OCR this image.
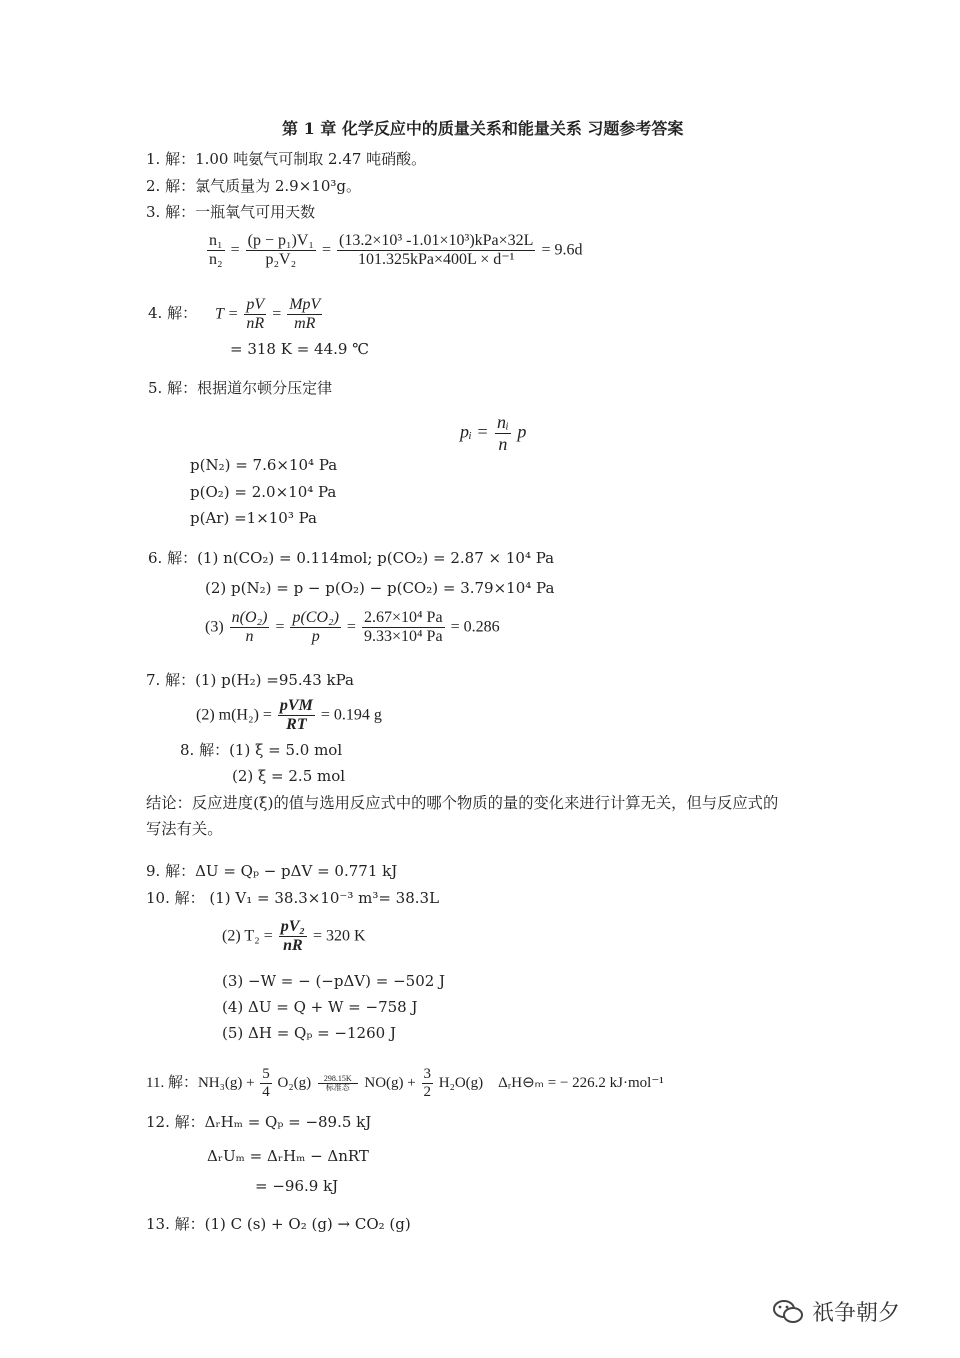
第 1 章 化学反应中的质量关系和能量关系 习题参考答案
1. 解：1.00 吨氨气可制取 2.47 吨硝酸。
2. 解：氯气质量为 2.9×10³g。
3. 解：一瓶氧气可用天数
$\frac{\text{n₁}}{\text{n₂}} = \frac{\text{(p − p₁)V₁}}{\text{p₂V₂}} = \frac{\text{(13.2×10³ -1.01×10³)kPa×32L}}{\text{101.325kPa×400L × d⁻¹}} = 9.6d$
4. 解： $T = \frac{pV}{nR} = \frac{\text{MpV}}{mR}$
= 318 K = 44.9 ℃
5. 解：根据道尔顿分压定律
pᵢ = $\frac{\text{nᵢ}}{n}$ p
p(N₂) = 7.6×10⁴ Pa
p(O₂) = 2.0×10⁴ Pa
p(Ar) =1×10³ Pa
6. 解：(1) n(CO₂) = 0.114mol; p(CO₂) = 2.87 × 10⁴ Pa
(2) p(N₂) = p − p(O₂) − p(CO₂) = 3.79×10⁴ Pa
$(3) \frac{\text{n(O₂)}}{n} = \frac{\text{p(CO₂)}}{p} = \frac{\text{2.67×10⁴ Pa}}{\text{9.33×10⁴ Pa}} = 0.286$
7. 解：(1) p(H₂) =95.43 kPa
(2) $m(H_2) = \frac{\text{pVM}}{RT} = 0.194$ g
8. 解：(1) ξ = 5.0 mol
(2) ξ = 2.5 mol
结论：反应进度(ξ)的值与选用反应式中的哪个物质的量的变化来进行计算无关，但与反应式的
写法有关。
9. 解：ΔU = Qₚ − pΔV = 0.771 kJ
10. 解： (1) V₁ = 38.3×10⁻³ m³= 38.3L
(2) $T_2 = \frac{\text{pV₂}}{nR} = 320$ K
(3) −W = − (−pΔV) = −502 J
(4) ΔU = Q + W = −758 J
(5) ΔH = Qₚ = −1260 J
11. 解：$NH_3(g) + \frac{5}{4} O_2(g)$	298.15K
标准态 $NO(g) + \frac{3}{2} H_2O(g)$ ΔᵣH⊖ₘ = − 226.2 kJ·mol⁻¹
12. 解：ΔᵣHₘ = Qₚ = −89.5 kJ
ΔᵣUₘ = ΔᵣHₘ − ΔnRT
= −96.9 kJ
13. 解：(1) C (s) + O₂ (g) → CO₂ (g)
祇争朝夕
